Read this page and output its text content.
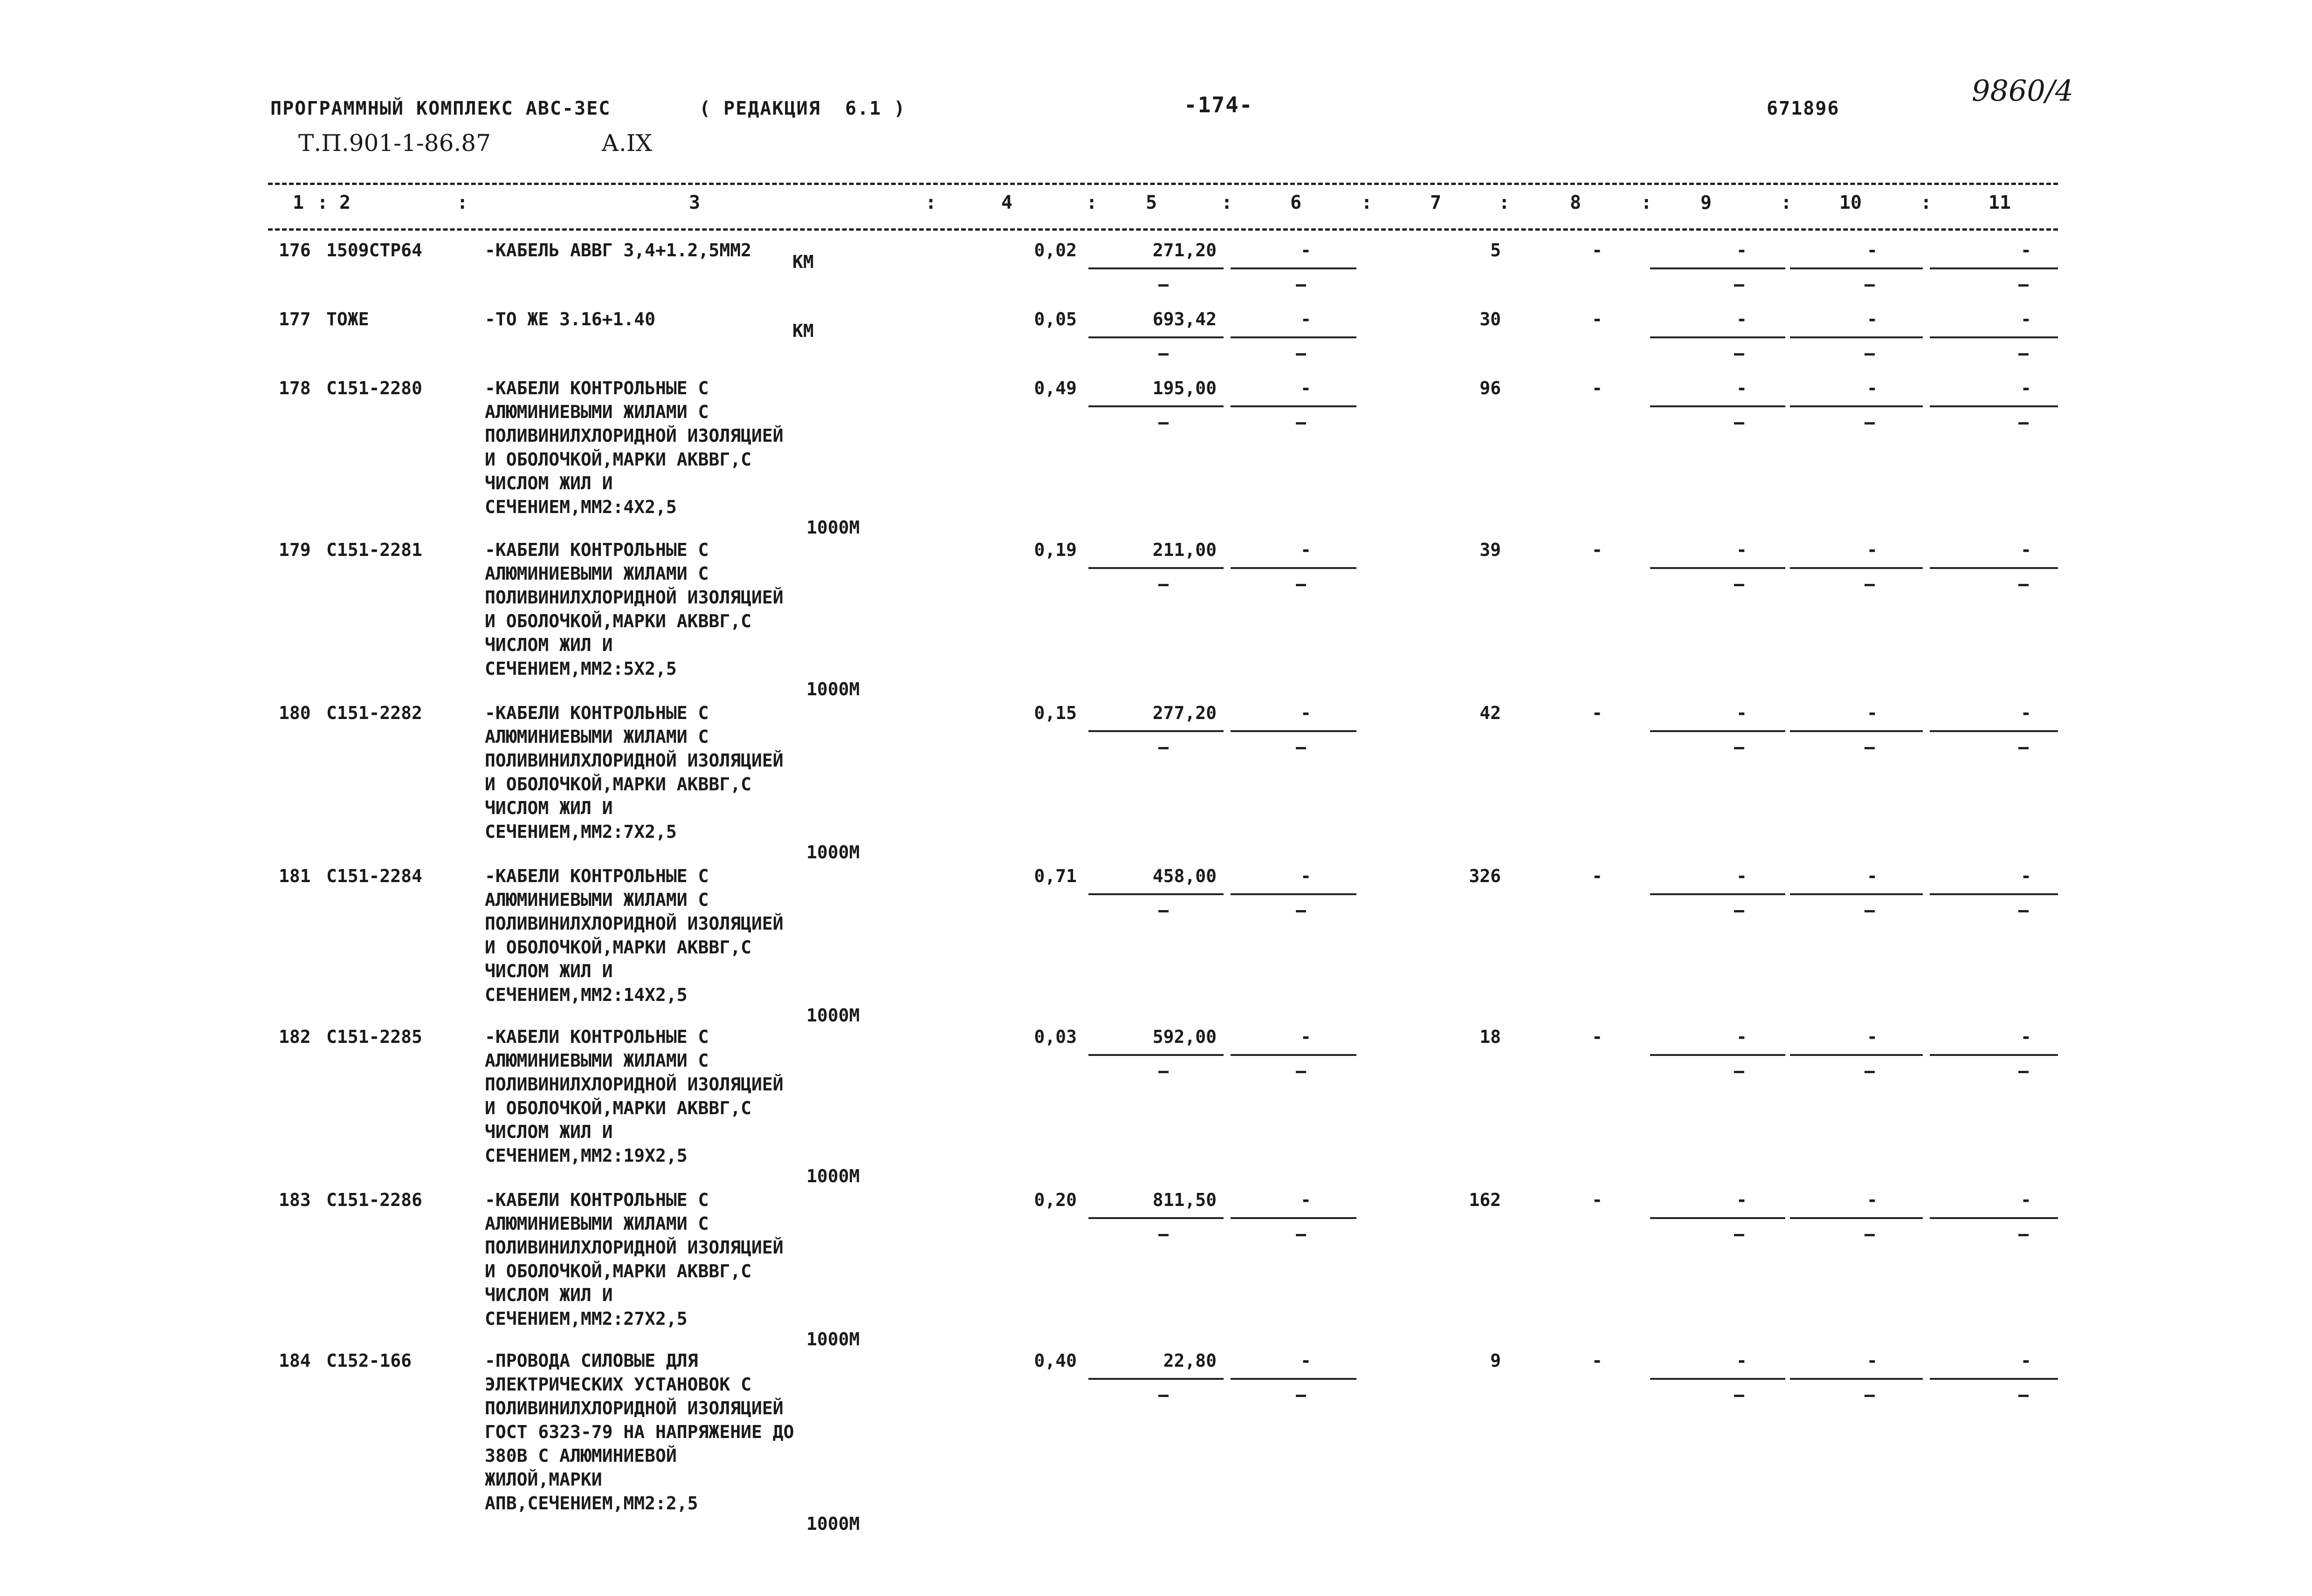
ПРОГРАММНЫЙ КОМПЛЕКС АВС-ЗЕС	( РЕДАКЦИЯ  6.1 )	-174-	671896
9860/4
Т.П.901-1-86.87	А.IX
1	2	3	4	5	6	7	8	9	10	11
:	:	:	:	:	:	:	:	:	:
176 1509СТР64	-КАБЕЛЬ АВВГ 3,4+1.2,5ММ2
КМ
0,02	271,20	-	5	-	-	-	-
177 ТОЖЕ	-ТО ЖЕ 3.16+1.40
КМ
0,05	693,42	-	30	-	-	-	-
178 С151-2280	-КАБЕЛИ КОНТРОЛЬНЫЕ С
АЛЮМИНИЕВЫМИ ЖИЛАМИ С
ПОЛИВИНИЛХЛОРИДНОЙ ИЗОЛЯЦИЕЙ
И ОБОЛОЧКОЙ,МАРКИ АКВВГ,С
ЧИСЛОМ ЖИЛ И
СЕЧЕНИЕМ,ММ2:4Х2,5
1000М
0,49	195,00	-	96	-	-	-	-
179 С151-2281	-КАБЕЛИ КОНТРОЛЬНЫЕ С
АЛЮМИНИЕВЫМИ ЖИЛАМИ С
ПОЛИВИНИЛХЛОРИДНОЙ ИЗОЛЯЦИЕЙ
И ОБОЛОЧКОЙ,МАРКИ АКВВГ,С
ЧИСЛОМ ЖИЛ И
СЕЧЕНИЕМ,ММ2:5Х2,5
1000М
0,19	211,00	-	39	-	-	-	-
180 С151-2282	-КАБЕЛИ КОНТРОЛЬНЫЕ С
АЛЮМИНИЕВЫМИ ЖИЛАМИ С
ПОЛИВИНИЛХЛОРИДНОЙ ИЗОЛЯЦИЕЙ
И ОБОЛОЧКОЙ,МАРКИ АКВВГ,С
ЧИСЛОМ ЖИЛ И
СЕЧЕНИЕМ,ММ2:7Х2,5
1000М
0,15	277,20	-	42	-	-	-	-
181 С151-2284	-КАБЕЛИ КОНТРОЛЬНЫЕ С
АЛЮМИНИЕВЫМИ ЖИЛАМИ С
ПОЛИВИНИЛХЛОРИДНОЙ ИЗОЛЯЦИЕЙ
И ОБОЛОЧКОЙ,МАРКИ АКВВГ,С
ЧИСЛОМ ЖИЛ И
СЕЧЕНИЕМ,ММ2:14Х2,5
1000М
0,71	458,00	-	326	-	-	-	-
182 С151-2285	-КАБЕЛИ КОНТРОЛЬНЫЕ С
АЛЮМИНИЕВЫМИ ЖИЛАМИ С
ПОЛИВИНИЛХЛОРИДНОЙ ИЗОЛЯЦИЕЙ
И ОБОЛОЧКОЙ,МАРКИ АКВВГ,С
ЧИСЛОМ ЖИЛ И
СЕЧЕНИЕМ,ММ2:19Х2,5
1000М
0,03	592,00	-	18	-	-	-	-
183 С151-2286	-КАБЕЛИ КОНТРОЛЬНЫЕ С
АЛЮМИНИЕВЫМИ ЖИЛАМИ С
ПОЛИВИНИЛХЛОРИДНОЙ ИЗОЛЯЦИЕЙ
И ОБОЛОЧКОЙ,МАРКИ АКВВГ,С
ЧИСЛОМ ЖИЛ И
СЕЧЕНИЕМ,ММ2:27Х2,5
1000М
0,20	811,50	-	162	-	-	-	-
184 С152-166	-ПРОВОДА СИЛОВЫЕ ДЛЯ
ЭЛЕКТРИЧЕСКИХ УСТАНОВОК С
ПОЛИВИНИЛХЛОРИДНОЙ ИЗОЛЯЦИЕЙ
ГОСТ 6323-79 НА НАПРЯЖЕНИЕ ДО
380В С АЛЮМИНИЕВОЙ
ЖИЛОЙ,МАРКИ
АПВ,СЕЧЕНИЕМ,ММ2:2,5
1000М
0,40	22,80	-	9	-	-	-	-
